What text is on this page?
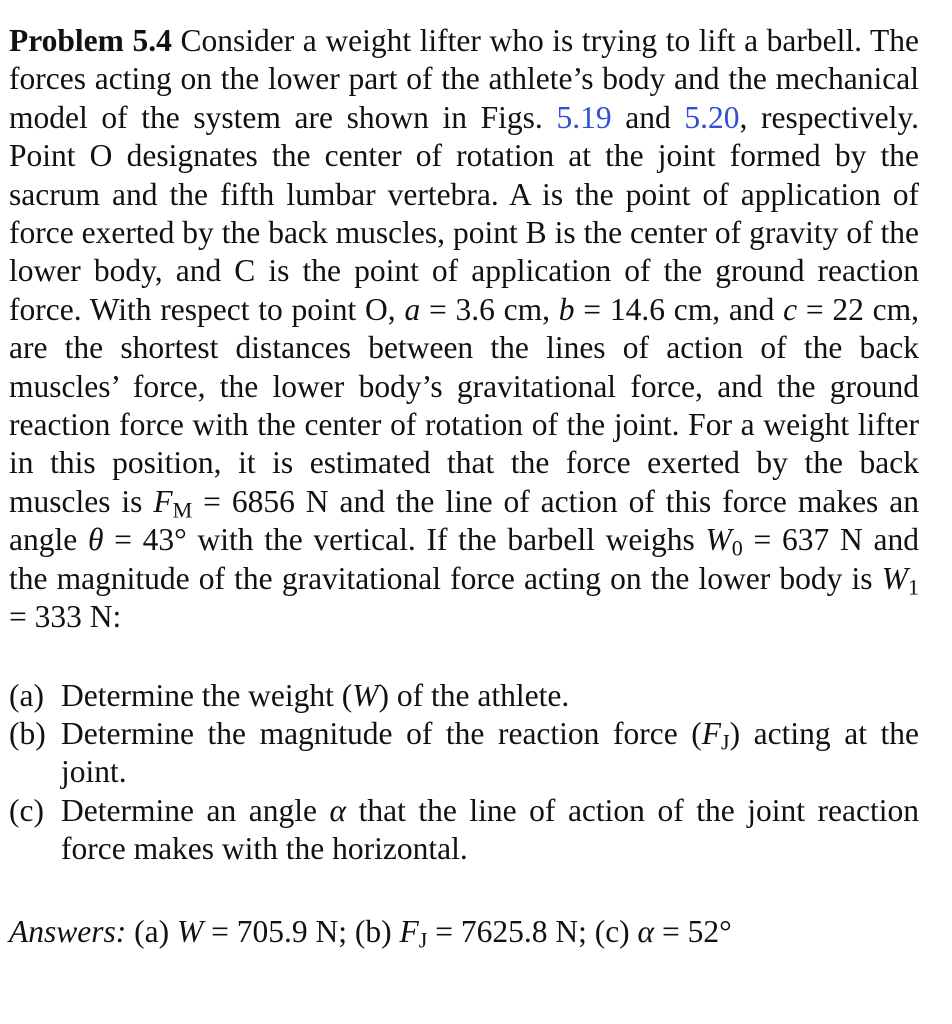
Problem 5.4 Consider a weight lifter who is trying to lift a barbell. The forces acting on the lower part of the athlete’s body and the mechanical model of the system are shown in Figs. 5.19 and 5.20, respectively. Point O designates the center of rotation at the joint formed by the sacrum and the fifth lumbar vertebra. A is the point of application of force exerted by the back muscles, point B is the center of gravity of the lower body, and C is the point of application of the ground reaction force. With respect to point O, a = 3.6 cm, b = 14.6 cm, and c = 22 cm, are the shortest distances between the lines of action of the back muscles’ force, the lower body’s gravitational force, and the ground reaction force with the center of rotation of the joint. For a weight lifter in this position, it is estimated that the force exerted by the back muscles is $F_M = 6856$ N and the line of action of this force makes an angle θ = 43° with the vertical. If the barbell weighs $W_0 = 637$ N and the magnitude of the gravitational force acting on the lower body is $W_1 = 333$ N:

(a) Determine the weight (W) of the athlete.
(b) Determine the magnitude of the reaction force $(F_J)$ acting at the joint.
(c) Determine an angle α that the line of action of the joint reaction force makes with the horizontal.
Answers: (a) W = 705.9 N; (b) $F_J = 7625.8$ N; (c) α = 52°
